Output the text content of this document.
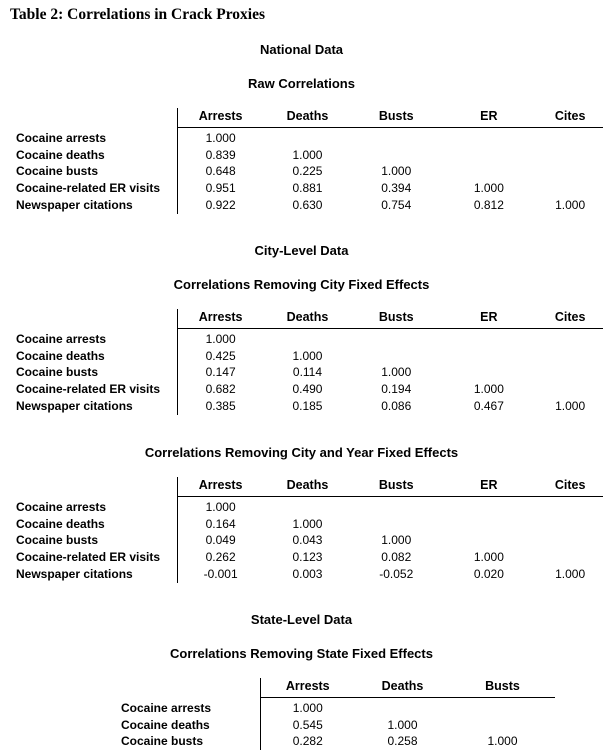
Table 2: Correlations in Crack Proxies
National Data
Raw Correlations
	Arrests	Deaths	Busts	ER	Cites
Cocaine arrests	1.000				
Cocaine deaths	0.839	1.000			
Cocaine busts	0.648	0.225	1.000		
Cocaine-related ER visits	0.951	0.881	0.394	1.000	
Newspaper citations	0.922	0.630	0.754	0.812	1.000
City-Level Data
Correlations Removing City Fixed Effects
	Arrests	Deaths	Busts	ER	Cites
Cocaine arrests	1.000				
Cocaine deaths	0.425	1.000			
Cocaine busts	0.147	0.114	1.000		
Cocaine-related ER visits	0.682	0.490	0.194	1.000	
Newspaper citations	0.385	0.185	0.086	0.467	1.000
Correlations Removing City and Year Fixed Effects
	Arrests	Deaths	Busts	ER	Cites
Cocaine arrests	1.000				
Cocaine deaths	0.164	1.000			
Cocaine busts	0.049	0.043	1.000		
Cocaine-related ER visits	0.262	0.123	0.082	1.000	
Newspaper citations	-0.001	0.003	-0.052	0.020	1.000
State-Level Data
Correlations Removing State Fixed Effects
	Arrests	Deaths	Busts
Cocaine arrests	1.000		
Cocaine deaths	0.545	1.000	
Cocaine busts	0.282	0.258	1.000
